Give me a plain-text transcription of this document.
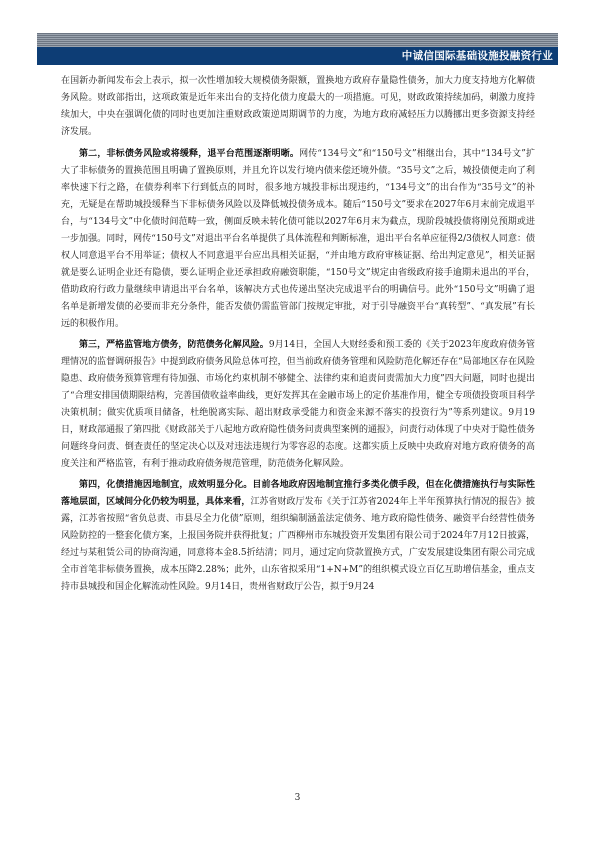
中诚信国际基础设施投融资行业

在国新办新闻发布会上表示，拟一次性增加较大规模债务限额，置换地方政府存量隐性债务，加大力度支持地方化解债务风险。财政部指出，这项政策是近年来出台的支持化债力度最大的一项措施。可见，财政政策持续加码，刺激力度持续加大，中央在强调化债的同时也更加注重财政政策逆周期调节的力度，为地方政府减轻压力以腾挪出更多资源支持经济发展。

第二，非标债务风险或将缓释，退平台范围逐渐明晰。网传“134号文”和“150号文”相继出台，其中“134号文”扩大了非标债务的置换范围且明确了置换原则，并且允许以发行境内债来偿还境外债。“35号文”之后，城投债便走向了利率快速下行之路，在债券利率下行到低点的同时，很多地方城投非标出现违约，“134号文”的出台作为“35号文”的补充，无疑是在帮助城投缓释当下非标债务风险以及降低城投债务成本。随后“150号文”要求在2027年6月末前完成退平台，与“134号文”中化债时间范畴一致，侧面反映未转化债可能以2027年6月末为截点，现阶段城投债将刚兑预期或进一步加强。同时，网传“150号文”对退出平台名单提供了具体流程和判断标准，退出平台名单应征得2/3债权人同意：债权人同意退平台不用举证；债权人不同意退平台应出具相关证据，“并由地方政府审核证据、给出判定意见”，相关证据就是要么证明企业还有隐债，要么证明企业还承担政府融资职能，“150号文”规定由省级政府接手逾期未退出的平台，借助政府行政力量继续申请退出平台名单，该解决方式也传递出坚决完成退平台的明确信号。此外“150号文”明确了退名单是新增发债的必要而非充分条件，能否发债仍需监管部门按规定审批，对于引导融资平台“真转型”、“真发展”有长远的积极作用。

第三，严格监管地方债务，防范债务化解风险。9月14日，全国人大财经委和预工委的《关于2023年度政府债务管理情况的监督调研报告》中提到政府债务风险总体可控，但当前政府债务管理和风险防范化解还存在“局部地区存在风险隐患、政府债务预算管理有待加强、市场化约束机制不够健全、法律约束和追责问责需加大力度”四大问题，同时也提出了“合理安排国债期限结构，完善国债收益率曲线，更好发挥其在金融市场上的定价基准作用，健全专项债投资项目科学决策机制；做实优质项目储备，杜绝脱离实际、超出财政承受能力和资金来源不落实的投资行为”等系列建议。9月19日，财政部通报了第四批《财政部关于八起地方政府隐性债务问责典型案例的通报》，问责行动体现了中央对于隐性债务问题终身问责、倒查责任的坚定决心以及对违法违规行为零容忍的态度。这都实质上反映中央政府对地方政府债务的高度关注和严格监管，有利于推动政府债务规范管理，防范债务化解风险。

第四，化债措施因地制宜，成效明显分化。目前各地政府因地制宜推行多类化债手段，但在化债措施执行与实际性落地层面，区域间分化仍较为明显，具体来看，江苏省财政厅发布《关于江苏省2024年上半年预算执行情况的报告》披露，江苏省按照“省负总责、市县尽全力化债”原则，组织编制涵盖法定债务、地方政府隐性债务、融资平台经营性债务风险防控的一整套化债方案，上报国务院并获得批复；广西柳州市东城投资开发集团有限公司于2024年7月12日披露，经过与某租赁公司的协商沟通，同意将本金8.5折结清；同月，通过定向贷款置换方式，广安发展建设集团有限公司完成全市首笔非标债务置换，成本压降2.28%；此外，山东省拟采用“1+N+M”的组织模式设立百亿互助增信基金，重点支持市县城投和国企化解流动性风险。9月14日，贵州省财政厅公告，拟于9月24

3
